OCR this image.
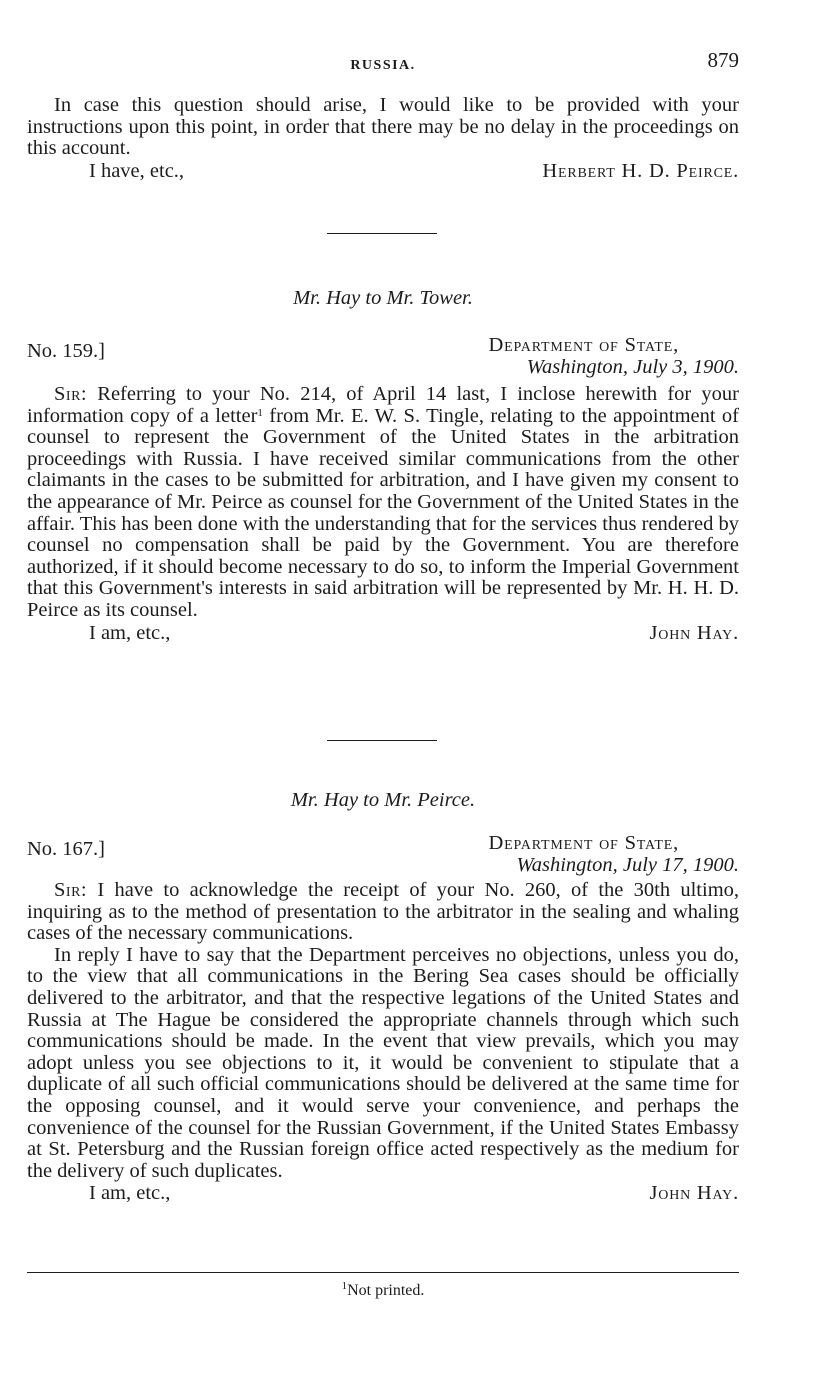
RUSSIA.	879

In case this question should arise, I would like to be provided with your instructions upon this point, in order that there may be no delay in the proceedings on this account.

I have, etc.,	Herbert H. D. Peirce.
Mr. Hay to Mr. Tower.
No. 159.]	Department of State,
Washington, July 3, 1900.

Sir: Referring to your No. 214, of April 14 last, I inclose herewith for your information copy of a letter$^1$ from Mr. E. W. S. Tingle, relating to the appointment of counsel to represent the Government of the United States in the arbitration proceedings with Russia. I have received similar communications from the other claimants in the cases to be submitted for arbitration, and I have given my consent to the appearance of Mr. Peirce as counsel for the Government of the United States in the affair. This has been done with the understanding that for the services thus rendered by counsel no compensation shall be paid by the Government. You are therefore authorized, if it should become necessary to do so, to inform the Imperial Government that this Government's interests in said arbitration will be represented by Mr. H. H. D. Peirce as its counsel.

I am, etc.,	John Hay.
Mr. Hay to Mr. Peirce.
No. 167.]	Department of State,
Washington, July 17, 1900.

Sir: I have to acknowledge the receipt of your No. 260, of the 30th ultimo, inquiring as to the method of presentation to the arbitrator in the sealing and whaling cases of the necessary communications.

In reply I have to say that the Department perceives no objections, unless you do, to the view that all communications in the Bering Sea cases should be officially delivered to the arbitrator, and that the respective legations of the United States and Russia at The Hague be considered the appropriate channels through which such communications should be made. In the event that view prevails, which you may adopt unless you see objections to it, it would be convenient to stipulate that a duplicate of all such official communications should be delivered at the same time for the opposing counsel, and it would serve your convenience, and perhaps the convenience of the counsel for the Russian Government, if the United States Embassy at St. Petersburg and the Russian foreign office acted respectively as the medium for the delivery of such duplicates.

I am, etc.,	John Hay.
$^1$Not printed.
